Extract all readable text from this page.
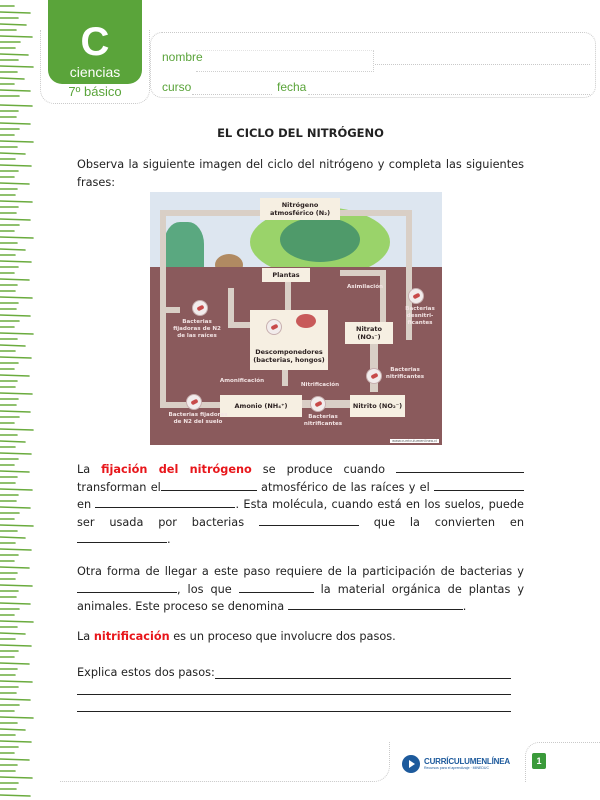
C
ciencias
7º básico
nombre
curso	fecha
EL CICLO DEL NITRÓGENO
Observa la siguiente imagen del ciclo del nitrógeno y completa las siguientes frases:
La fijación del nitrógeno se produce cuando  transforman el	atmosférico de las raíces y el  en	. Esta molécula, cuando está en los suelos, puede ser usada por bacterias	que la convierten en .
Otra forma de llegar a este paso requiere de la participación de bacterias y , los que	la material orgánica de plantas y animales. Este proceso se denomina	.
La nitrificación es un proceso que involucre dos pasos.
Explica estos dos pasos:
Nitrógeno atmosférico (N₂)
Plantas
Descomponedores (bacterias, hongos)
Nitrato (NO₃⁻)
Amonio (NH₄⁺)	Nitrito (NO₂⁻)
Asimilación
Bacterias desnitri-ficantes
Bacterias fijadoras de N2 de las raíces
Bacterias nitrificantes
Amonificación
Nitrificación
Bacterias fijadoras de N2 del suelo
Bacterias nitrificantes
www.curriculumenlinea.cl
CURRÍCULUMENLÍNEA
Recursos para el aprendizaje · MINEDUC
1
